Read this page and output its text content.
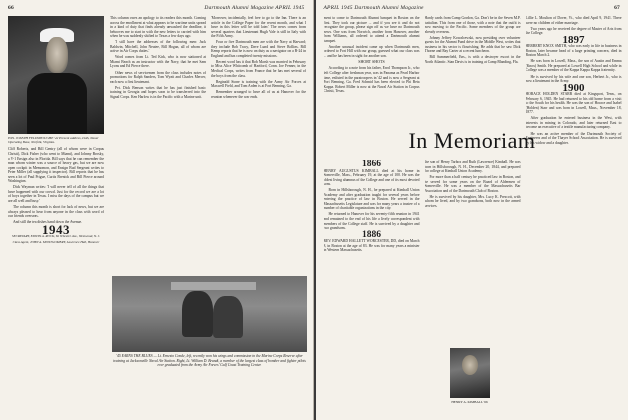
66	Dartmouth Alumni Magazine APRIL 1945
ENS. JOSEPH FELDSHOUGHE '42 Present address, DAS, Naval Operating Base, Norfolk, Virginia.

Cliff Roberts, and Bill Gentry (all of whom were in Corpus Christi), Dick Fisher (who went to Miami), and Johnny Brosky, a V-1 Ensign also in Florida. Bill says that he can remember the man whom winter was a source of heavy gas, but we are now open cockpit in Memomon, and Ensign Bud Sergeant writes to Peter Miller (all supplying it inspector). Bill reports that he has seen a lot of Paul Prigue, Curtis Brenick and Bill Pierce around Washington.

Dick Wayman writes: 'I will never tell of all the things that have happened with our crowd. Just for the record we are a lot of boys together in Texas. I miss the days of the campus but we are all well and busy.'

The column this month is short for lack of news, but we are always pleased to hear from anyone in the class with word of our friends overseas.

And still the tea dishes hand down the Avenue.

1943
SECRETARY, EDWIN A. ROCK, 82 Wheeler Ave., Westwood, N. J.
Class Agent, JOHN A. MONTGOMERY, Lawrence Hall, Hanover

This column owes an apology to its readers this month. Coming across the enrollment at what appears to be wartime units spread in a kind of duty that finds already unwashed the deadline, it behooves me to start in with the new letters to carried with him when he was suddenly shifted to Texas a few days ago.

'I still have the addresses of the following men: Jack Baldwin, Mitchell, John Neutee, Bill Hogan, all of whom are active in Air Corps duties.'

Word comes from Lt. Ted Kirk, who is now stationed at Miami Beach as an instructor with the Navy, that he met Sam Lyons and Ed Pierce there.

Other news of servicemen from the class includes notes of promotions for Ralph Sanders, Tom Wyatt and Charles Mercer, each now a first lieutenant.

Pvt. Dick Benson writes that he has just finished basic training in Georgia and hopes soon to be transferred into the Signal Corps. Ken Harlow is in the Pacific with a Marine unit.

'Moreover, incidentally, feel free to go to the Inn. There is an article in the College Paper for the recent month, and what I have in this letter will be told later.' The news comes from several quarters that Lieutenant Hugh Vale is still in Italy with the Fifth Army.

Four or five Dartmouth men are with the Navy at Harvard; they include Bob Tracy, Dave Lund and Steve Rollins. Bill Kemp reports that he is now on duty as a navigator on a B-24 in England and has completed twenty missions.

Recent word has it that Bob Marsh was married in February to Miss Alice Whitcomb of Hartford, Conn. Joe Fenner, in the Medical Corps, writes from France that he has met several of the boys from the class.

Reginald Stone is training with the Army Air Forces at Maxwell Field, and Tom Arden is at Fort Benning, Ga.

Remember arranged to have all of us at Hanover for the reunion whenever the war ends.

'45 EARNS THE BLUES — Lt. Ernesto Conde, left, recently won his wings and commission in the Marine Corps Reserve after training at Jacksonville Naval Air Station. Right, Lt. William D. Brandt, a member of the largest class of bomber and fighter pilots ever graduated from the Army Air Forces' Gulf Coast Training Center.
APRIL 1945 Dartmouth Alumni Magazine	67

ment to come to Dartmouth Alumni banquet in Boston on the first. They took our picture ... and if you see it and do not recognize the group, please sign off as we have no Dartmouth news. One was from Norwich, another from Hanover, another from Williams, all ordered to attend a Dartmouth alumni banquet.

Another unusual incident came up when Dartmouth men, ordered to Fort Hill with our group, guessed what our class was ... and he has been in sight for another son.

SHORT SHOTS

According to a note from his father, Errol Thompson Jr., who left College after freshman year, was in Panama as Pearl Harbor time, enlisted in the paratroopers in '42 and is now a Sergeant at Fort Benning, Ga. Fred Schmid has been elected to Phi Beta Kappa. Robert Miller is now at the Naval Air Station in Corpus Christi, Texas.

Hardy cards from Camp Gordon, Ga. Don't be in the Seven M.P. battalion. This from one of those, with a note that the outfit is now moving to the Pacific. Some members of the group are already overseas.

Johnny Jeffrey Kowalcewski, now presiding over volunteer guests for the Alumni Fund drive in the Middle West, writes that business in his sector is flourishing. He adds that he saw Dick Thorne and Ray Carter at a recent luncheon.

Bill Summerfield, Ens., is with a destroyer escort in the North Atlantic. Stan Davis is in training at Camp Blanding, Fla.

In Memoriam
1866

HENRY AUGUSTUS KIMBALL died at his home in Somerville, Mass., February 19, at the age of 100. He was the oldest living alumnus of the College and one of its most devoted sons.

Born in Hillsborough, N. H., he prepared at Kimball Union Academy and after graduation taught for several years before entering the practice of law in Boston. He served in the Massachusetts Legislature and was for many years a trustee of a number of charitable organizations in the city.

He returned to Hanover for his seventy-fifth reunion in 1941 and remained to the end of his life a lively correspondent with members of the College staff. He is survived by a daughter and two grandsons.

1886

REV. EDWARD HALLETT WORCESTER, DD, died on March 8, in Boston at the age of 83. He was for many years a minister in Western Massachusetts.

the son of Henry Tarbox and Ruth (Lawrence) Kimball. He was born in Hillsborough, N. H., December 20, 1844, and prepared for college at Kimball Union Academy.

For more than a half century he practiced law in Boston, and he served for some years on the Board of Aldermen of Somerville. He was a member of the Massachusetts Bar Association and of the Dartmouth Club of Boston.

He is survived by his daughter, Mrs. Lucy K. Prescott, with whom he lived, and by two grandsons, both now in the armed services.

HENRY A. KIMBALL '66

Lillie L. Moulton of Dover, Vt., who died April 9, 1941. There were no children of either marriage.

Two years ago he received the degree of Master of Arts from the College.

1897

HERBERT KNOX SMITH, who was early in life in business in Boston, later became head of a large printing concern, died in Boston March 2.

He was born in Lowell, Mass., the son of Austin and Emma (Knox) Smith. He prepared at Lowell High School and while in College was a member of the Kappa Kappa Kappa fraternity.

He is survived by his wife and one son, Herbert Jr., who is now a lieutenant in the Army.

1900

HORACE HOLDEN STARR died at Kingsport, Tenn., on February 6, 1945. He had returned to his old home from a visit to the South for his health. He was the son of Horace and Isabel (Holden) Starr and was born in Lowell, Mass., November 18, 1877.

After graduation he entered business in the West, with interests in mining in Colorado, and later returned East to become an executive of a textile manufacturing company.

He was an active member of the Dartmouth Society of Engineers and of the Thayer School Association. He is survived by his widow and a daughter.
